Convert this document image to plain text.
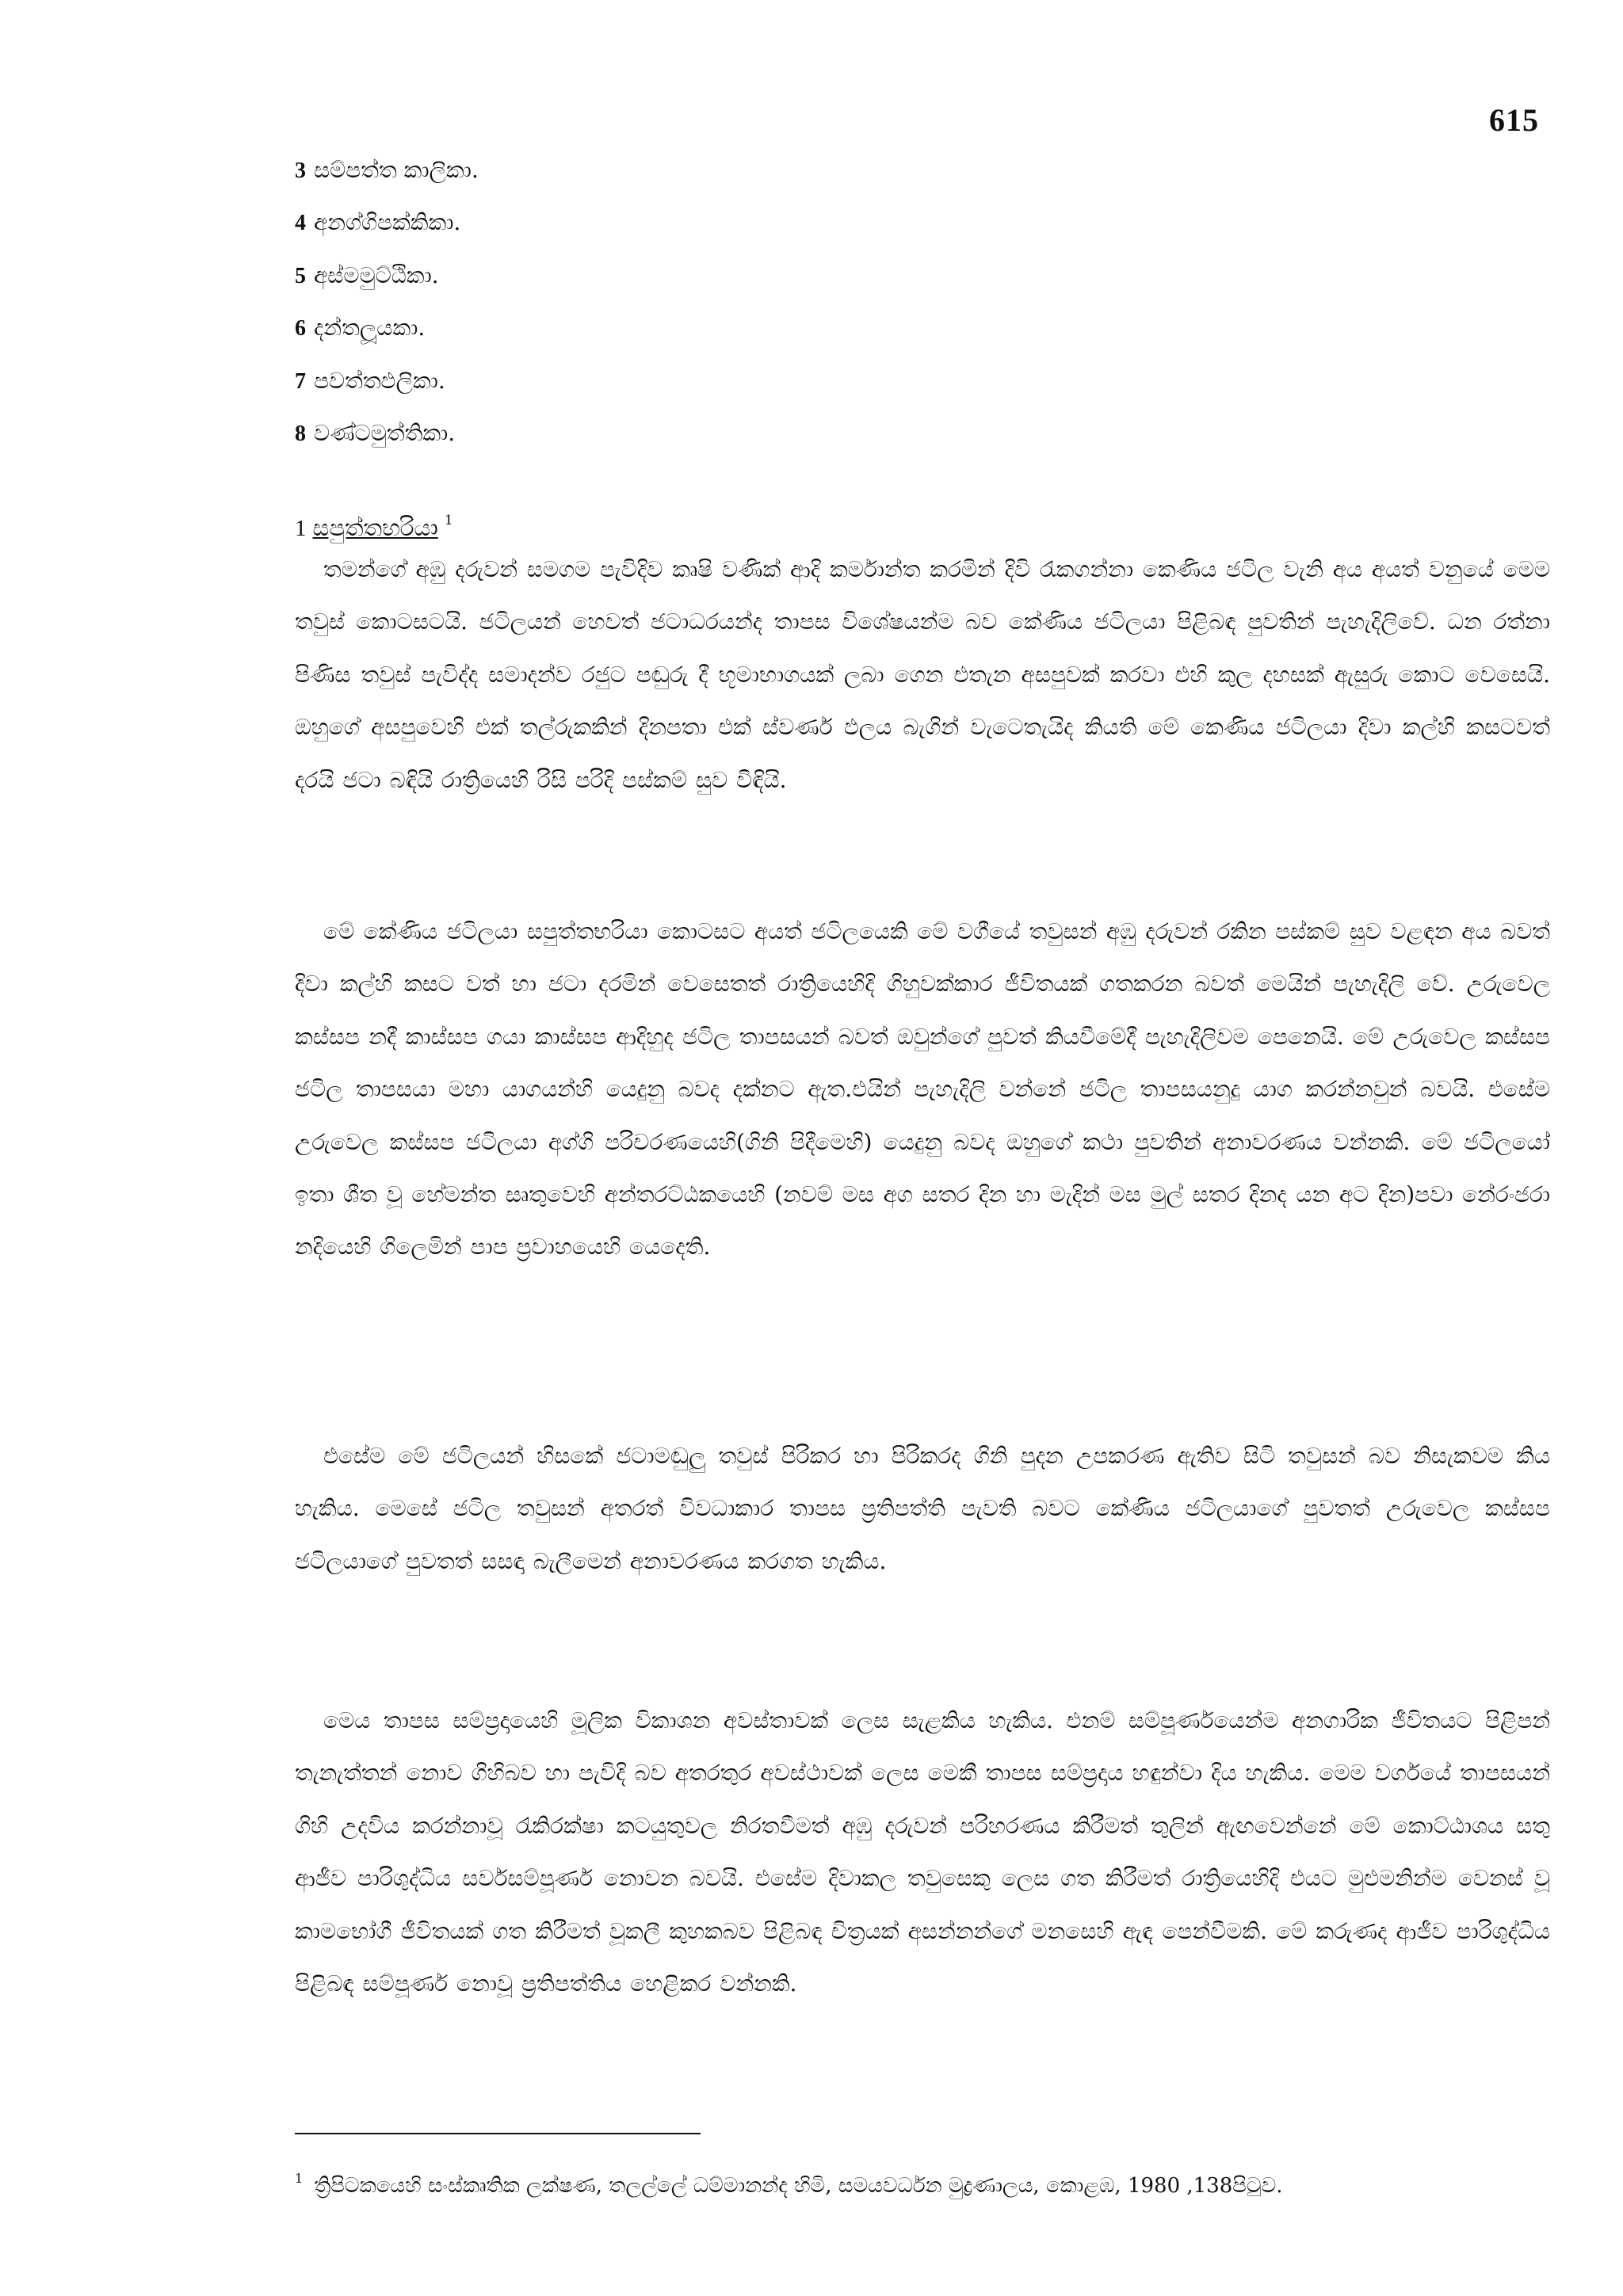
615
3 සම්පත්ත කාලිකා.
4 අනග්ගිපක්කිකා.
5 අස්මමුට්ඨිකා.
6 දන්තලූයකා.
7 පවත්තඵලිකා.
8 වණ්ටමුත්තිකා.
1 සපුත්තභරියා $^1$

තමන්ගේ අඹු දරුවන් සමගම පැවිදිව කෘෂි වණික් ආදි කර්මාන්ත කරමින් දිවි රැකගන්නා කෙණිය ජටිල වැනි අය අයත් වනුයේ මෙම තවුස් කොටසටයි. ජටිලයන් හෙවත් ජටාධරයන්ද තාපස විශේෂයන්ම බව කේණිය ජටිලයා පිළිබඳ පුවතින් පැහැදිලිවේ. ධන රත්නා පිණිස තවුස් පැවිද්ද සමාදන්ව රජුට පඬුරු දී භූමාභාගයක් ලබා ගෙන එතැන අසපුවක් කරවා එහි කුල දහසක් ඇසුරු කොට වෙසෙයි. ඔහුගේ අසපුවෙහි එක් තල්රුකකින් දිනපතා එක් ස්වර්ණ ඵලය බැගින් වැටෙතැයිද කියති මේ කෙණිය ජටිලයා දිවා කල්හි කසටවත් දරයි ජටා බඳියි රාත්‍රියෙහි රිසි පරිදි පස්කම් සුව විඳියි.

මේ කේණිය ජටිලයා සපුත්තභරියා කොටසට අයත් ජටිලයෙකි මේ වගීයේ තවුසන් අඹු දරුවන් රකින පස්කම් සුව වළඳන අය බවත් දිවා කල්හි කසට වත් හා ජටා දරමින් වෙසෙතත් රාත්‍රියෙහිදි ගිහුවක්කාර ජීවිතයක් ගතකරන බවත් මෙයින් පැහැදිලි වේ. උරුවෙල කස්සප නදී කාස්සප ගයා කාස්සප ආදිහුද ජටිල තාපසයන් බවත් ඔවුන්ගේ පුවත් කියවීමේදී පැහැදිලිවම පෙනෙයි. මේ උරුවෙල කස්සප ජටිල තාපසයා මහා යාගයන්හි යෙදුනු බවද දක්නට ඇත.එයින් පැහැදිලි වන්නේ ජටිල තාපසයනුදු යාග කරන්නවුන් බවයි. එසේම උරුවෙල කස්සප ජටිලයා අග්ගි පරිචරණයෙහි(ගිනි පිදීමෙහි) යෙදුනු බවද ඔහුගේ කථා පුවතින් අනාවරණය වන්නකි. මේ ජටිලයෝ ඉතා ශීත වූ හේමන්ත සෘතුවෙහි අන්තරට්ඨකයෙහි (නවම් මස අග සතර දින හා මැදින් මස මුල් සතර දිනද යන අට දින)පවා නේරංජරා නදියෙහි ගිලෙමින් පාප ප්‍රවාහයෙහි යෙදෙති.

එසේම මේ ජටිලයන් හිසකේ ජටාමඬුලු තවුස් පිරිකර හා පිරිකරද ගිනි පුදන උපකරණ ඇතිව සිටි තවුසන් බව නිසැකවම කිය හැකිය. මෙසේ ජටිල තවුසන් අතරත් විවධාකාර තාපස ප්‍රතිපත්ති පැවති බවට කේණිය ජටිලයාගේ පුවතත් උරුවෙල කස්සප ජටිලයාගේ පුවතත් සසඳා බැලීමෙන් අනාවරණය කරගත හැකිය.

මෙය තාපස සම්ප්‍රදායෙහි මූලික විකාශන අවස්තාවක් ලෙස සැළකිය හැකිය. එනම් සම්පූර්ණයෙන්ම අනගාරික ජීවිතයට පිළිපන් තැනැත්තන් නොව ගිහිබව හා පැවිදි බව අතරතුර අවස්ථාවක් ලෙස මෙකී තාපස සම්ප්‍රදාය හඳුන්වා දිය හැකිය. මෙම වර්ගයේ තාපසයන් ගිහි උදවිය කරන්නාවූ රැකිරක්ෂා කටයුතුවල නිරතවීමත් අඹු දරුවන් පරිහරණය කිරීමත් තුලින් ඇඟවෙන්නේ මේ කොට්ඨාශය සතු ආජීව පාරිශුද්ධිය සර්වසම්පූර්ණ නොවන බවයි. එසේම දිවාකල තවුසෙකු ලෙස ගත කිරීමත් රාත්‍රියෙහිදි එයට මුළුමනින්ම වෙනස් වූ කාමභෝගී ජීවිතයක් ගත කිරීමත් වූකලී කුහකබව පිළිබඳ චිත්‍රයක් අසන්නන්ගේ මනසෙහි ඇඳ පෙන්වීමකි. මේ කරුණද ආජීව පාරිශුද්ධිය පිළිබඳ සම්පූර්ණ නොවූ ප්‍රතිපත්තිය හෙළිකර වන්නකි.

$^1$ ත්‍රිපිටකයෙහි සංස්කෘතික ලක්ෂණ, තලල්ලේ ධම්මානන්ද හිමි, සමයවර්ධන මුද්‍රණාලය, කොළඹ, 1980 ,138පිටුව.
